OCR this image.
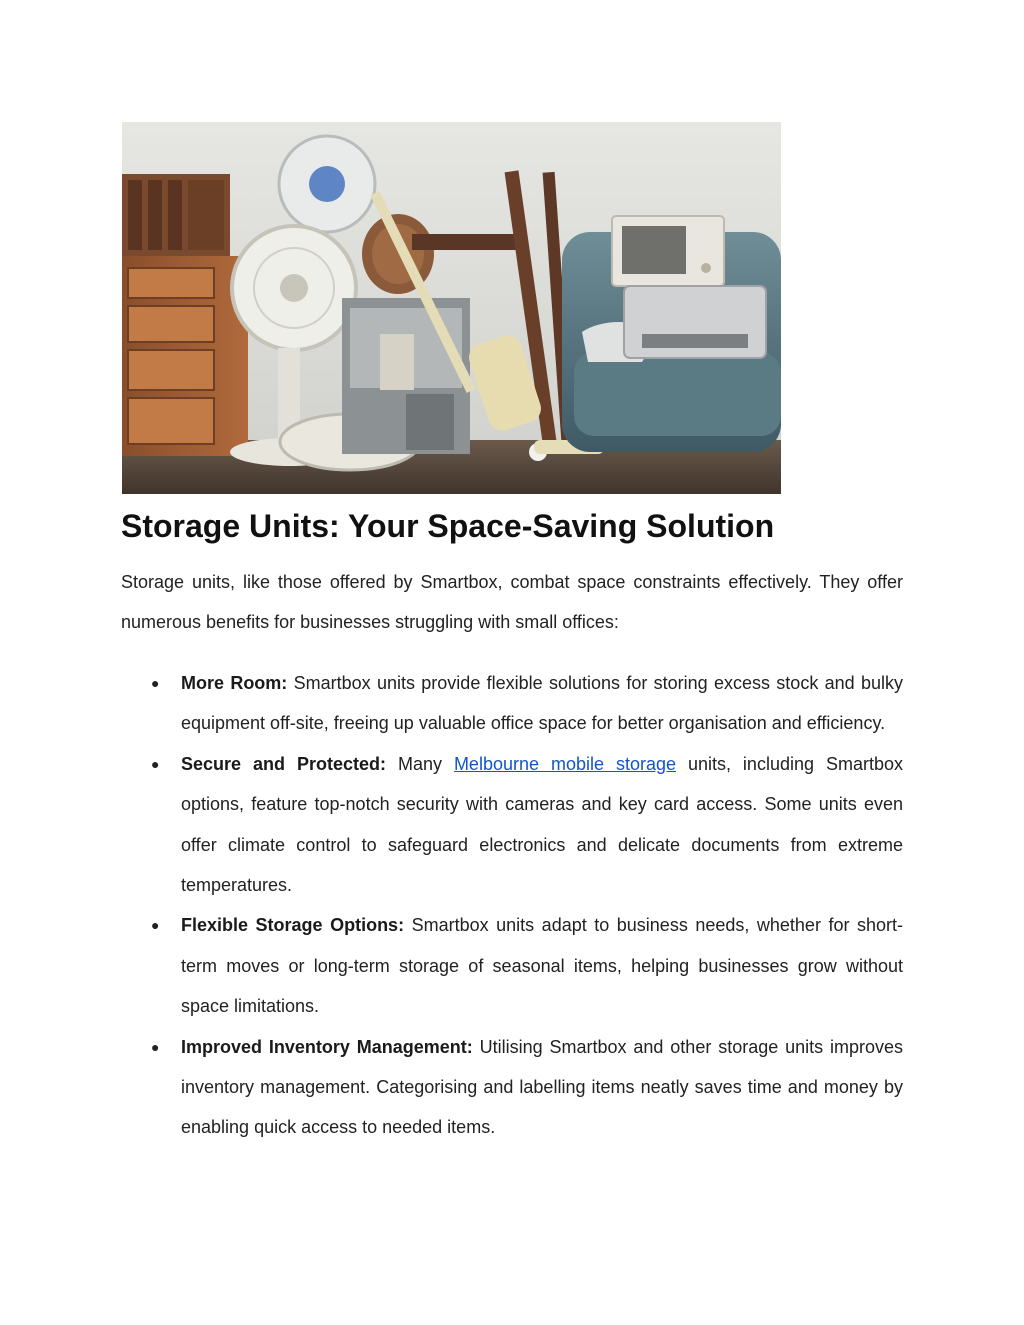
Storage Units: Your Space-Saving Solution

Storage units, like those offered by Smartbox, combat space constraints effectively. They offer numerous benefits for businesses struggling with small offices:

● More Room: Smartbox units provide flexible solutions for storing excess stock and bulky equipment off-site, freeing up valuable office space for better organisation and efficiency.
● Secure and Protected: Many Melbourne mobile storage units, including Smartbox options, feature top-notch security with cameras and key card access. Some units even offer climate control to safeguard electronics and delicate documents from extreme temperatures.
● Flexible Storage Options: Smartbox units adapt to business needs, whether for short-term moves or long-term storage of seasonal items, helping businesses grow without space limitations.
● Improved Inventory Management: Utilising Smartbox and other storage units improves inventory management. Categorising and labelling items neatly saves time and money by enabling quick access to needed items.
